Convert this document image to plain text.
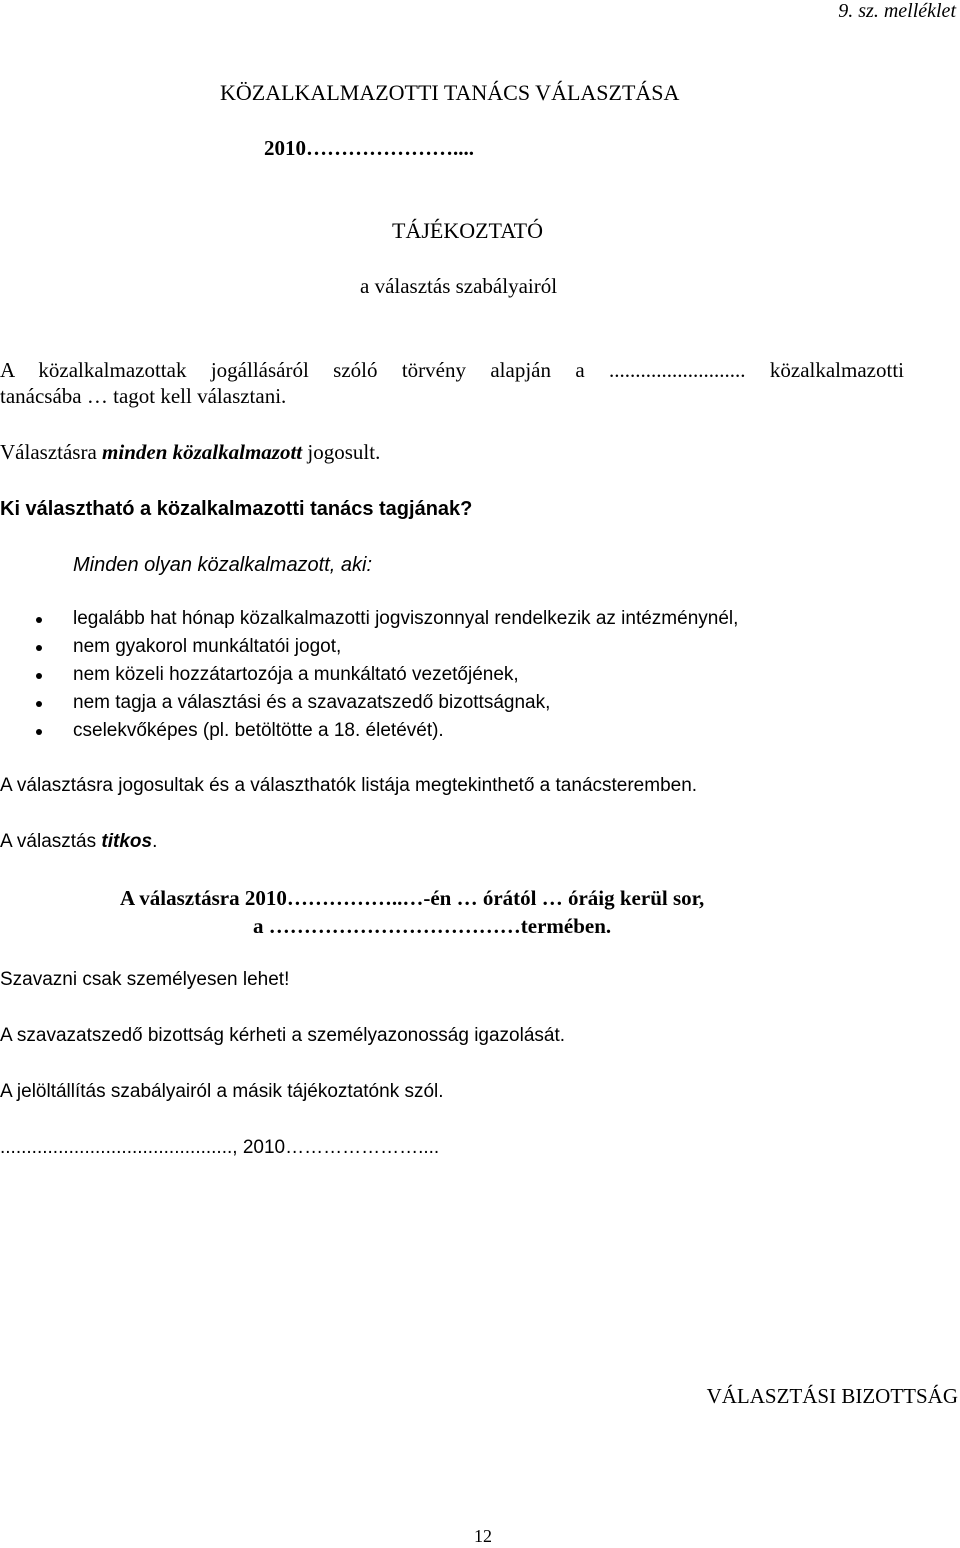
9. sz. melléklet
KÖZALKALMAZOTTI TANÁCS VÁLASZTÁSA
2010…………………....
TÁJÉKOZTATÓ
a választás szabályairól
A közalkalmazottak jogállásáról szóló törvény alapján a .......................... közalkalmazotti
tanácsába … tagot kell választani.
Választásra minden közalkalmazott jogosult.
Ki választható a közalkalmazotti tanács tagjának?
Minden olyan közalkalmazott, aki:
legalább hat hónap közalkalmazotti jogviszonnyal rendelkezik az intézménynél,
nem gyakorol munkáltatói jogot,
nem közeli hozzátartozója a munkáltató vezetőjének,
nem tagja a választási és a szavazatszedő bizottságnak,
cselekvőképes (pl. betöltötte a 18. életévét).
A választásra jogosultak és a választhatók listája megtekinthető a tanácsteremben.
A választás titkos.
A választásra 2010……………..…-én … órától … óráig kerül sor,
a ………………………………termében.
Szavazni csak személyesen lehet!
A szavazatszedő bizottság kérheti a személyazonosság igazolását.
A jelöltállítás szabályairól a másik tájékoztatónk szól.
............................................, 2010…………………....
VÁLASZTÁSI BIZOTTSÁG
12
